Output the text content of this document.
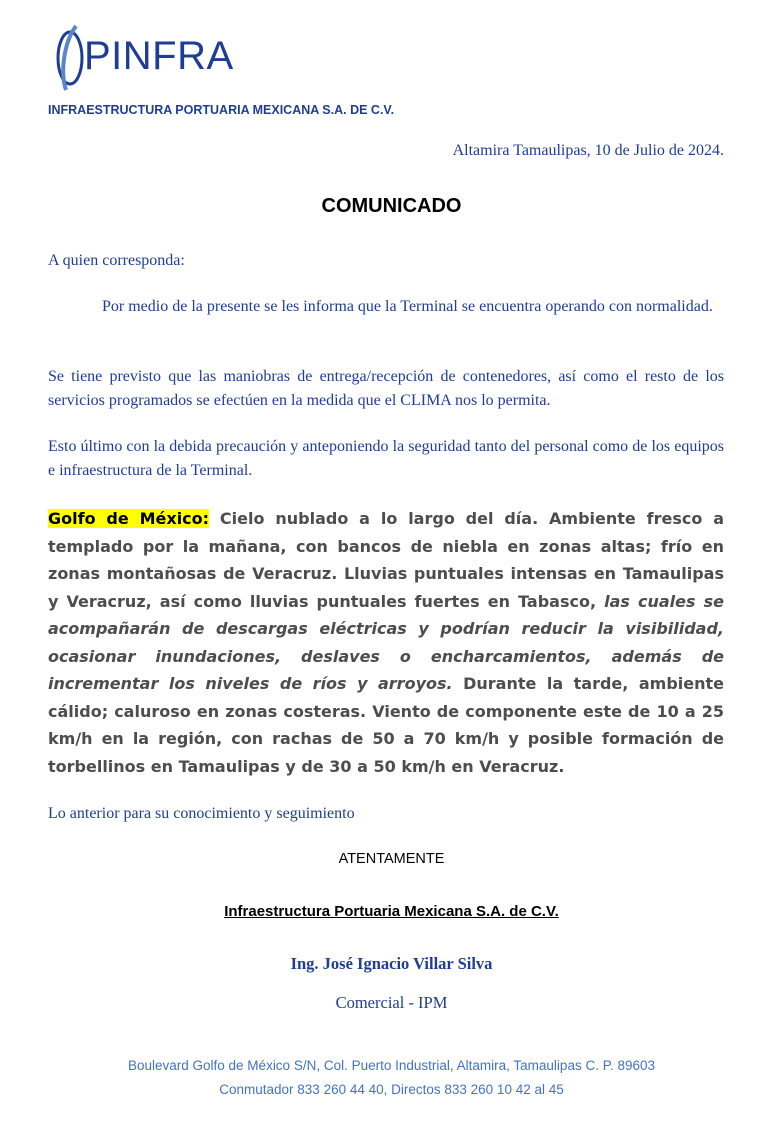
PINFRA
INFRAESTRUCTURA PORTUARIA MEXICANA S.A. DE C.V.
Altamira Tamaulipas, 10 de Julio de 2024.
COMUNICADO
A quien corresponda:
Por medio de la presente se les informa que la Terminal se encuentra operando con normalidad.
Se tiene previsto que las maniobras de entrega/recepción de contenedores, así como el resto de los servicios programados se efectúen en la medida que el CLIMA nos lo permita.
Esto último con la debida precaución y anteponiendo la seguridad tanto del personal como de los equipos e infraestructura de la Terminal.
Golfo de México: Cielo nublado a lo largo del día. Ambiente fresco a templado por la mañana, con bancos de niebla en zonas altas; frío en zonas montañosas de Veracruz. Lluvias puntuales intensas en Tamaulipas y Veracruz, así como lluvias puntuales fuertes en Tabasco, las cuales se acompañarán de descargas eléctricas y podrían reducir la visibilidad, ocasionar inundaciones, deslaves o encharcamientos, además de incrementar los niveles de ríos y arroyos. Durante la tarde, ambiente cálido; caluroso en zonas costeras. Viento de componente este de 10 a 25 km/h en la región, con rachas de 50 a 70 km/h y posible formación de torbellinos en Tamaulipas y de 30 a 50 km/h en Veracruz.
Lo anterior para su conocimiento y seguimiento
ATENTAMENTE
Infraestructura Portuaria Mexicana S.A. de C.V.
Ing. José Ignacio Villar Silva
Comercial - IPM
Boulevard Golfo de México S/N, Col. Puerto Industrial, Altamira, Tamaulipas C. P. 89603
Conmutador 833 260 44 40, Directos 833 260 10 42 al 45
